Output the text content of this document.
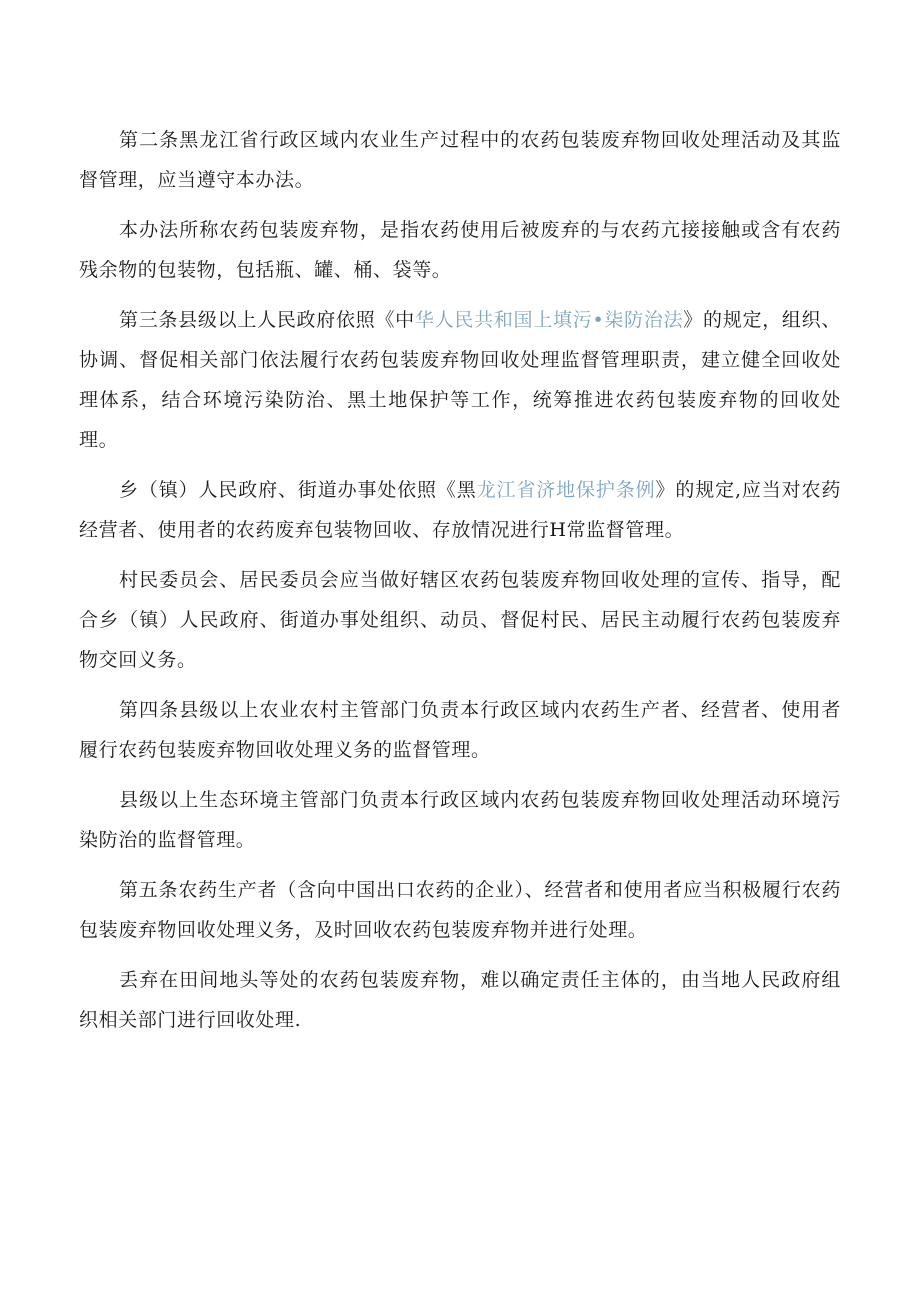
第二条黑龙江省行政区域内农业生产过程中的农药包装废弃物回收处理活动及其监督管理，应当遵守本办法。

本办法所称农药包装废弃物，是指农药使用后被废弃的与农药亢接接触或含有农药残余物的包装物，包括瓶、罐、桶、袋等。

第三条县级以上人民政府依照《中华人民共和国上填污•柒防治法》的规定，组织、协调、督促相关部门依法履行农药包装废弃物回收处理监督管理职责，建立健全回收处理体系，结合环境污染防治、黑土地保护等工作，统筹推进农药包装废弃物的回收处理。

乡（镇）人民政府、街道办事处依照《黑龙江省济地保护条例》的规定,应当对农药经营者、使用者的农药废弃包装物回收、存放情况进行H常监督管理。

村民委员会、居民委员会应当做好辖区农药包装废弃物回收处理的宣传、指导，配合乡（镇）人民政府、街道办事处组织、动员、督促村民、居民主动履行农药包装废弃物交回义务。

第四条县级以上农业农村主管部门负责本行政区域内农药生产者、经营者、使用者履行农药包装废弃物回收处理义务的监督管理。

县级以上生态环境主管部门负责本行政区域内农药包装废弃物回收处理活动环境污染防治的监督管理。

第五条农药生产者（含向中国出口农药的企业）、经营者和使用者应当积极履行农药包装废弃物回收处理义务，及时回收农药包装废弃物并进行处理。

丢弃在田间地头等处的农药包装废弃物，难以确定责任主体的，由当地人民政府组织相关部门进行回收处理.
